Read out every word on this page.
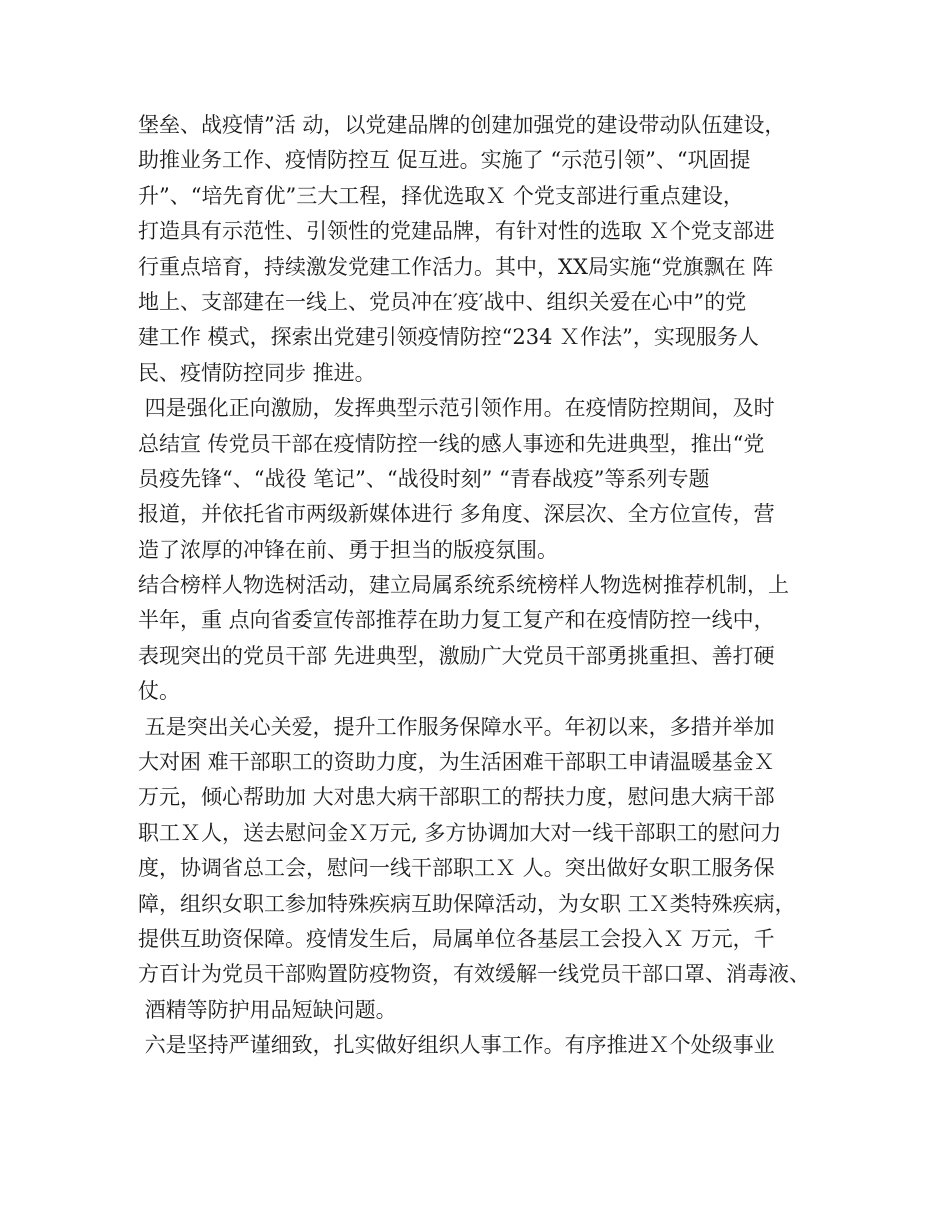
堡垒、战疫情”活 动，以党建品牌的创建加强党的建设带动队伍建设，
助推业务工作、疫情防控互 促互进。实施了 “示范引领”、“巩固提
升”、“培先育优”三大工程，择优选取Ｘ 个党支部进行重点建设，
打造具有示范性、引领性的党建品牌，有针对性的选取 Ｘ个党支部进
行重点培育，持续激发党建工作活力。其中，XX局实施“党旗飘在 阵
地上、支部建在一线上、党员冲在′疫′战中、组织关爱在心中”的党
建工作 模式，探索出党建引领疫情防控“234 Ｘ作法”，实现服务人
民、疫情防控同步 推进。
四是强化正向激励，发挥典型示范引领作用。在疫情防控期间，及时
总结宣 传党员干部在疫情防控一线的感人事迹和先进典型，推出“党
员疫先锋“、“战役 笔记”、“战役时刻” “青春战疫”等系列专题
报道，并依托省市两级新媒体进行 多角度、深层次、全方位宣传，营
造了浓厚的冲锋在前、勇于担当的版疫氛围。
结合榜样人物选树活动，建立局属系统系统榜样人物选树推荐机制，上
半年，重 点向省委宣传部推荐在助力复工复产和在疫情防控一线中，
表现突出的党员干部 先进典型，激励广大党员干部勇挑重担、善打硬
仗。
五是突出关心关爱，提升工作服务保障水平。年初以来，多措并举加
大对困 难干部职工的资助力度，为生活困难干部职工申请温暖基金Ｘ
万元，倾心帮助加 大对患大病干部职工的帮扶力度，慰问患大病干部
职工Ｘ人，送去慰问金Ｘ万元, 多方协调加大对一线干部职工的慰问力
度，协调省总工会，慰问一线干部职工Ｘ 人。突出做好女职工服务保
障，组织女职工参加特殊疾病互助保障活动，为女职 工Ｘ类特殊疾病，
提供互助资保障。疫情发生后，局属单位各基层工会投入Ｘ 万元，千
方百计为党员干部购置防疫物资，有效缓解一线党员干部口罩、消毒液、
酒精等防护用品短缺问题。
六是坚持严谨细致，扎实做好组织人事工作。有序推进Ｘ个处级事业
